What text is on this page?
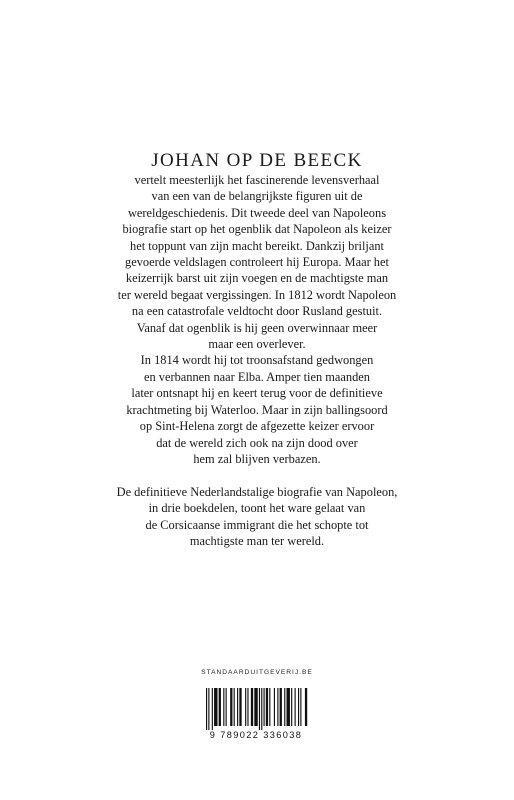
JOHAN OP DE BEECK
vertelt meesterlijk het fascinerende levensverhaal
van een van de belangrijkste figuren uit de
wereldgeschiedenis. Dit tweede deel van Napoleons
biografie start op het ogenblik dat Napoleon als keizer
het toppunt van zijn macht bereikt. Dankzij briljant
gevoerde veldslagen controleert hij Europa. Maar het
keizerrijk barst uit zijn voegen en de machtigste man
ter wereld begaat vergissingen. In 1812 wordt Napoleon
na een catastrofale veldtocht door Rusland gestuit.
Vanaf dat ogenblik is hij geen overwinnaar meer
maar een overlever.
In 1814 wordt hij tot troonsafstand gedwongen
en verbannen naar Elba. Amper tien maanden
later ontsnapt hij en keert terug voor de definitieve
krachtmeting bij Waterloo. Maar in zijn ballingsoord
op Sint-Helena zorgt de afgezette keizer ervoor
dat de wereld zich ook na zijn dood over
hem zal blijven verbazen.
De definitieve Nederlandstalige biografie van Napoleon,
in drie boekdelen, toont het ware gelaat van
de Corsicaanse immigrant die het schopte tot
machtigste man ter wereld.
STANDAARDUITGEVERIJ.BE
9 789022 336038
